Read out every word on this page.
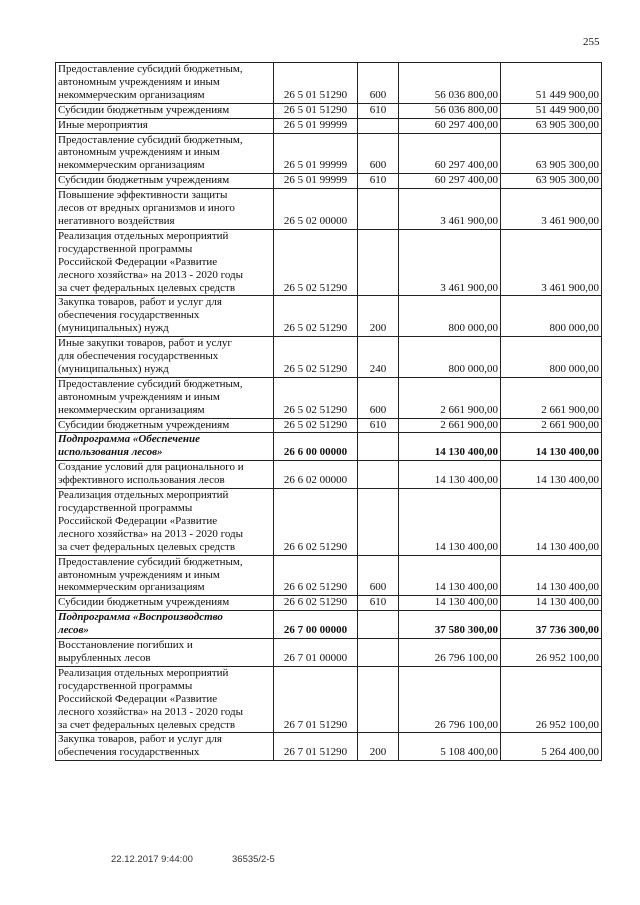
255
Предоставление субсидий бюджетным,
автономным учреждениям и иным
некоммерческим организациям	26 5 01 51290	600	56 036 800,00	51 449 900,00
Субсидии бюджетным учреждениям	26 5 01 51290	610	56 036 800,00	51 449 900,00
Иные мероприятия	26 5 01 99999		60 297 400,00	63 905 300,00
Предоставление субсидий бюджетным,
автономным учреждениям и иным
некоммерческим организациям	26 5 01 99999	600	60 297 400,00	63 905 300,00
Субсидии бюджетным учреждениям	26 5 01 99999	610	60 297 400,00	63 905 300,00
Повышение эффективности защиты
лесов от вредных организмов и иного
негативного воздействия	26 5 02 00000		3 461 900,00	3 461 900,00
Реализация отдельных мероприятий
государственной программы
Российской Федерации «Развитие
лесного хозяйства» на 2013 - 2020 годы
за счет федеральных целевых средств	26 5 02 51290		3 461 900,00	3 461 900,00
Закупка товаров, работ и услуг для
обеспечения государственных
(муниципальных) нужд	26 5 02 51290	200	800 000,00	800 000,00
Иные закупки товаров, работ и услуг
для обеспечения государственных
(муниципальных) нужд	26 5 02 51290	240	800 000,00	800 000,00
Предоставление субсидий бюджетным,
автономным учреждениям и иным
некоммерческим организациям	26 5 02 51290	600	2 661 900,00	2 661 900,00
Субсидии бюджетным учреждениям	26 5 02 51290	610	2 661 900,00	2 661 900,00
Подпрограмма «Обеспечение
использования лесов»	26 6 00 00000		14 130 400,00	14 130 400,00
Создание условий для рационального и
эффективного использования лесов	26 6 02 00000		14 130 400,00	14 130 400,00
Реализация отдельных мероприятий
государственной программы
Российской Федерации «Развитие
лесного хозяйства» на 2013 - 2020 годы
за счет федеральных целевых средств	26 6 02 51290		14 130 400,00	14 130 400,00
Предоставление субсидий бюджетным,
автономным учреждениям и иным
некоммерческим организациям	26 6 02 51290	600	14 130 400,00	14 130 400,00
Субсидии бюджетным учреждениям	26 6 02 51290	610	14 130 400,00	14 130 400,00
Подпрограмма «Воспроизводство
лесов»	26 7 00 00000		37 580 300,00	37 736 300,00
Восстановление погибших и
вырубленных лесов	26 7 01 00000		26 796 100,00	26 952 100,00
Реализация отдельных мероприятий
государственной программы
Российской Федерации «Развитие
лесного хозяйства» на 2013 - 2020 годы
за счет федеральных целевых средств	26 7 01 51290		26 796 100,00	26 952 100,00
Закупка товаров, работ и услуг для
обеспечения государственных	26 7 01 51290	200	5 108 400,00	5 264 400,00
22.12.2017 9:44:00	36535/2-5
